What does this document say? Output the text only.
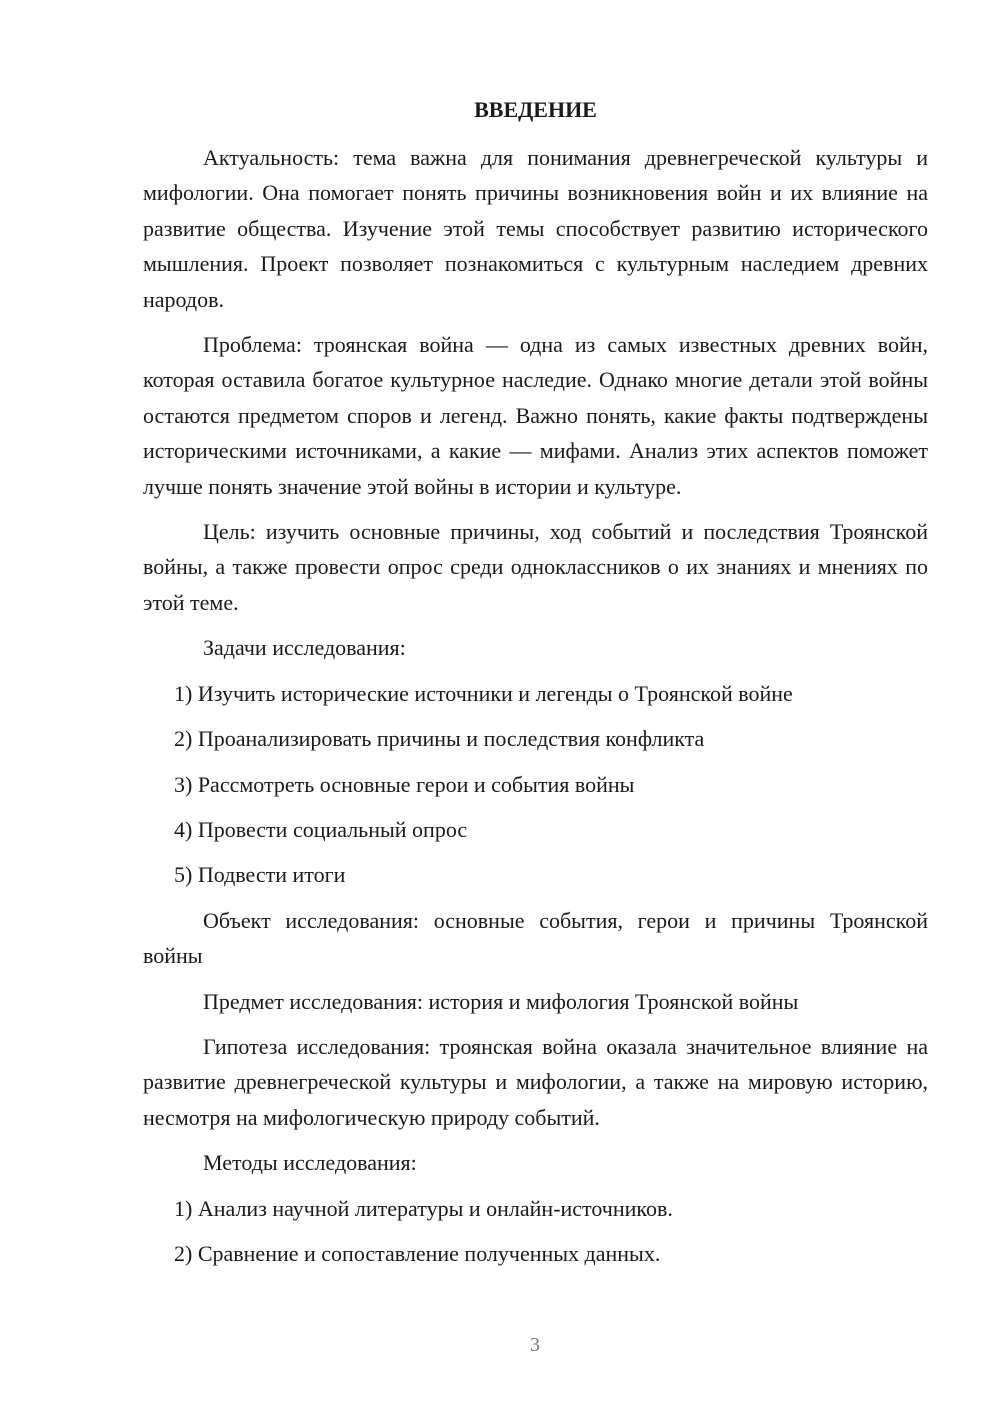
ВВЕДЕНИЕ

Актуальность: тема важна для понимания древнегреческой культуры и мифологии. Она помогает понять причины возникновения войн и их влияние на развитие общества. Изучение этой темы способствует развитию исторического мышления. Проект позволяет познакомиться с культурным наследием древних народов.

Проблема: троянская война — одна из самых известных древних войн, которая оставила богатое культурное наследие. Однако многие детали этой войны остаются предметом споров и легенд. Важно понять, какие факты подтверждены историческими источниками, а какие — мифами. Анализ этих аспектов поможет лучше понять значение этой войны в истории и культуре.

Цель: изучить основные причины, ход событий и последствия Троянской войны, а также провести опрос среди одноклассников о их знаниях и мнениях по этой теме.

Задачи исследования:

1) Изучить исторические источники и легенды о Троянской войне

2) Проанализировать причины и последствия конфликта

3) Рассмотреть основные герои и события войны

4) Провести социальный опрос

5) Подвести итоги

Объект исследования: основные события, герои и причины Троянской войны

Предмет исследования: история и мифология Троянской войны

Гипотеза исследования: троянская война оказала значительное влияние на развитие древнегреческой культуры и мифологии, а также на мировую историю, несмотря на мифологическую природу событий.

Методы исследования:

1) Анализ научной литературы и онлайн-источников.

2) Сравнение и сопоставление полученных данных.

3
